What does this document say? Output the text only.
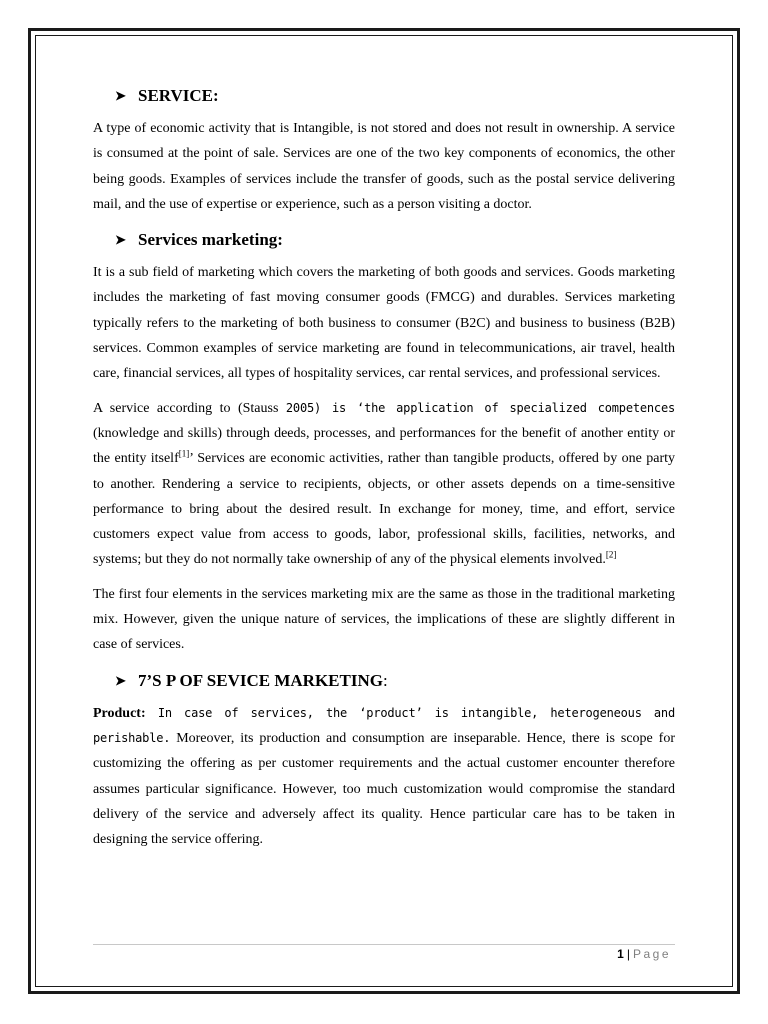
➤ SERVICE:

A type of economic activity that is Intangible, is not stored and does not result in ownership. A service is consumed at the point of sale. Services are one of the two key components of economics, the other being goods. Examples of services include the transfer of goods, such as the postal service delivering mail, and the use of expertise or experience, such as a person visiting a doctor.

➤ Services marketing:

It is a sub field of marketing which covers the marketing of both goods and services. Goods marketing includes the marketing of fast moving consumer goods (FMCG) and durables. Services marketing typically refers to the marketing of both business to consumer (B2C) and business to business (B2B) services. Common examples of service marketing are found in telecommunications, air travel, health care, financial services, all types of hospitality services, car rental services, and professional services.

A service according to (Stauss 2005) is ‘the application of specialized competences (knowledge and skills) through deeds, processes, and performances for the benefit of another entity or the entity itself[1]’ Services are economic activities, rather than tangible products, offered by one party to another. Rendering a service to recipients, objects, or other assets depends on a time-sensitive performance to bring about the desired result. In exchange for money, time, and effort, service customers expect value from access to goods, labor, professional skills, facilities, networks, and systems; but they do not normally take ownership of any of the physical elements involved.[2]

The first four elements in the services marketing mix are the same as those in the traditional marketing mix. However, given the unique nature of services, the implications of these are slightly different in case of services.

➤ 7’S P OF SEVICE MARKETING:

Product: In case of services, the ‘product’ is intangible, heterogeneous and perishable. Moreover, its production and consumption are inseparable. Hence, there is scope for customizing the offering as per customer requirements and the actual customer encounter therefore assumes particular significance. However, too much customization would compromise the standard delivery of the service and adversely affect its quality. Hence particular care has to be taken in designing the service offering.

1 | Page
